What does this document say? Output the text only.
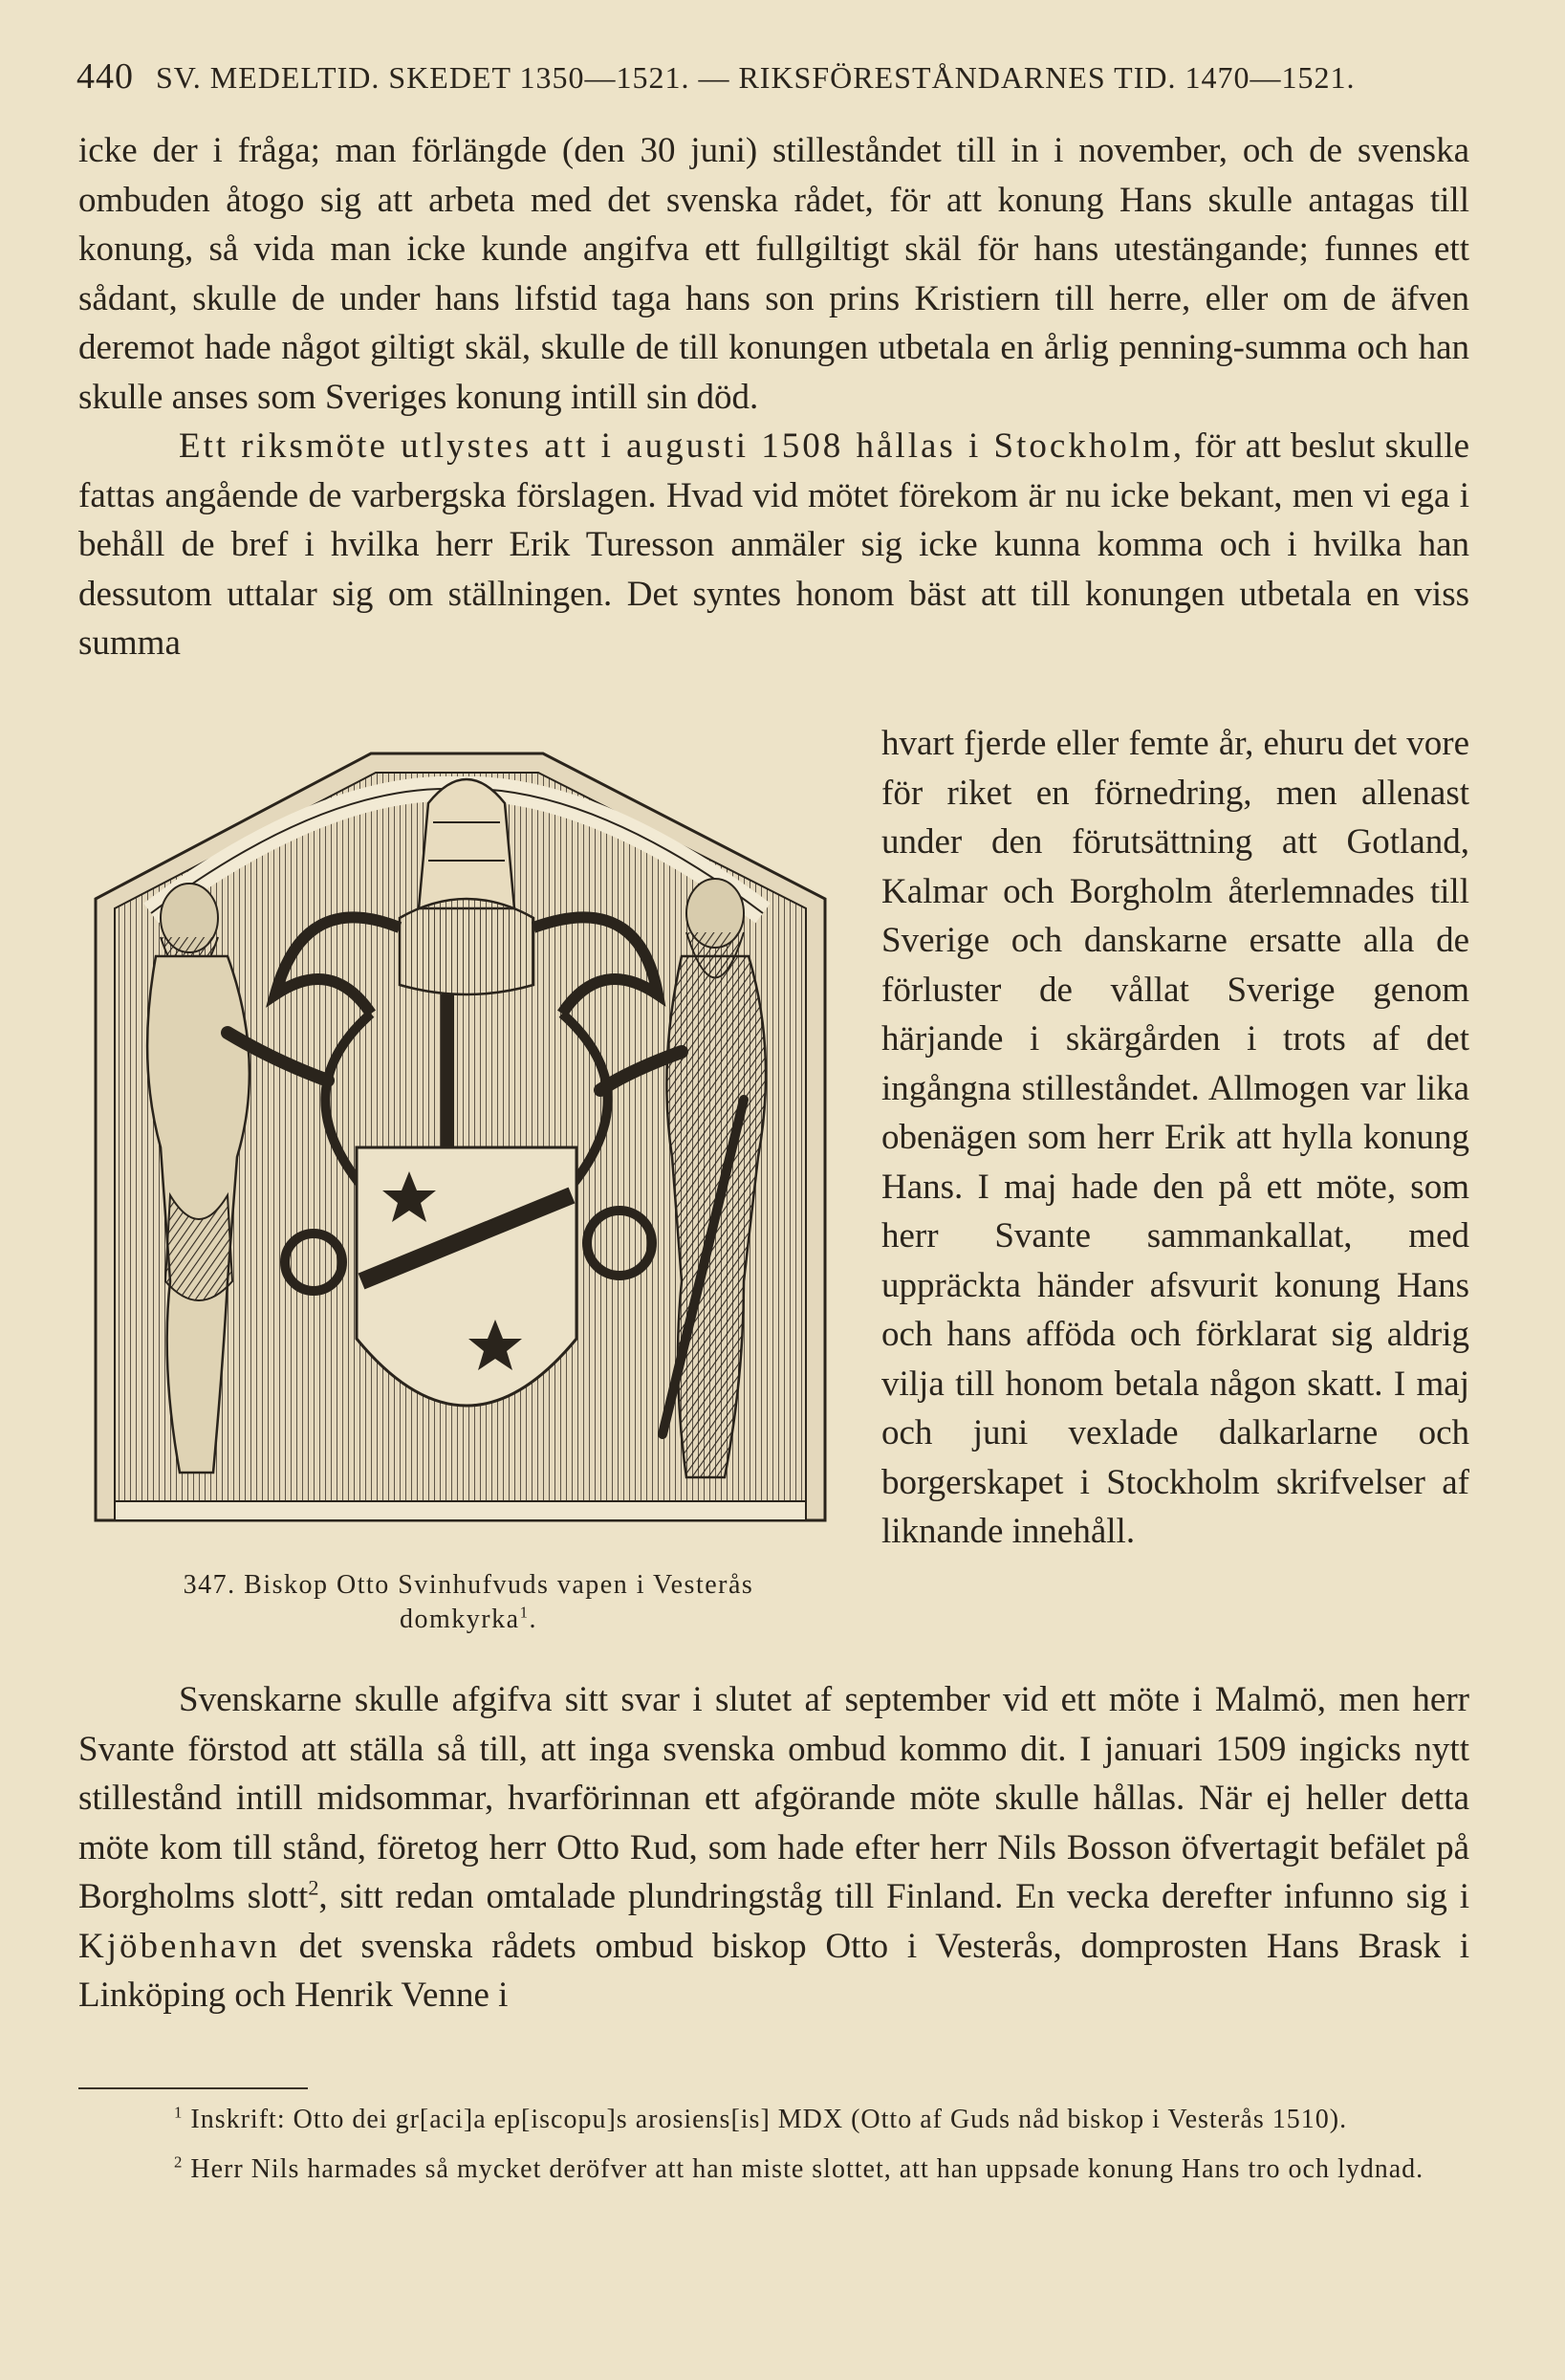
440 SV. MEDELTID. SKEDET 1350—1521. — RIKSFÖRESTÅNDARNES TID. 1470—1521.

icke der i fråga; man förlängde (den 30 juni) stilleståndet till in i november, och de svenska ombuden åtogo sig att arbeta med det svenska rådet, för att konung Hans skulle antagas till konung, så vida man icke kunde angifva ett fullgiltigt skäl för hans utestängande; funnes ett sådant, skulle de under hans lifstid taga hans son prins Kristiern till herre, eller om de äfven deremot hade något giltigt skäl, skulle de till konungen utbetala en årlig penning-summa och han skulle anses som Sveriges konung intill sin död.

Ett riksmöte utlystes att i augusti 1508 hållas i Stockholm, för att beslut skulle fattas angående de varbergska förslagen. Hvad vid mötet förekom är nu icke bekant, men vi ega i behåll de bref i hvilka herr Erik Turesson anmäler sig icke kunna komma och i hvilka han dessutom uttalar sig om ställningen. Det syntes honom bäst att till konungen utbetala en viss summa

347. Biskop Otto Svinhufvuds vapen i Vesterås domkyrka$^1$.

hvart fjerde eller femte år, ehuru det vore för riket en förnedring, men allenast under den förutsättning att Gotland, Kalmar och Borgholm återlemnades till Sverige och danskarne ersatte alla de förluster de vållat Sverige genom härjande i skärgården i trots af det ingångna stilleståndet. Allmogen var lika obenägen som herr Erik att hylla konung Hans. I maj hade den på ett möte, som herr Svante sammankallat, med uppräckta händer afsvurit konung Hans och hans afföda och förklarat sig aldrig vilja till honom betala någon skatt. I maj och juni vexlade dalkarlarne och borgerskapet i Stockholm skrifvelser af liknande innehåll.

Svenskarne skulle afgifva sitt svar i slutet af september vid ett möte i Malmö, men herr Svante förstod att ställa så till, att inga svenska ombud kommo dit. I januari 1509 ingicks nytt stillestånd intill midsommar, hvarförinnan ett afgörande möte skulle hållas. När ej heller detta möte kom till stånd, företog herr Otto Rud, som hade efter herr Nils Bosson öfvertagit befälet på Borgholms slott$^2$, sitt redan omtalade plundringståg till Finland. En vecka derefter infunno sig i Kjöbenhavn det svenska rådets ombud biskop Otto i Vesterås, domprosten Hans Brask i Linköping och Henrik Venne i

$^1$ Inskrift: Otto dei gr[aci]a ep[iscopu]s arosiens[is] MDX (Otto af Guds nåd biskop i Vesterås 1510).

$^2$ Herr Nils harmades så mycket deröfver att han miste slottet, att han uppsade konung Hans tro och lydnad.
